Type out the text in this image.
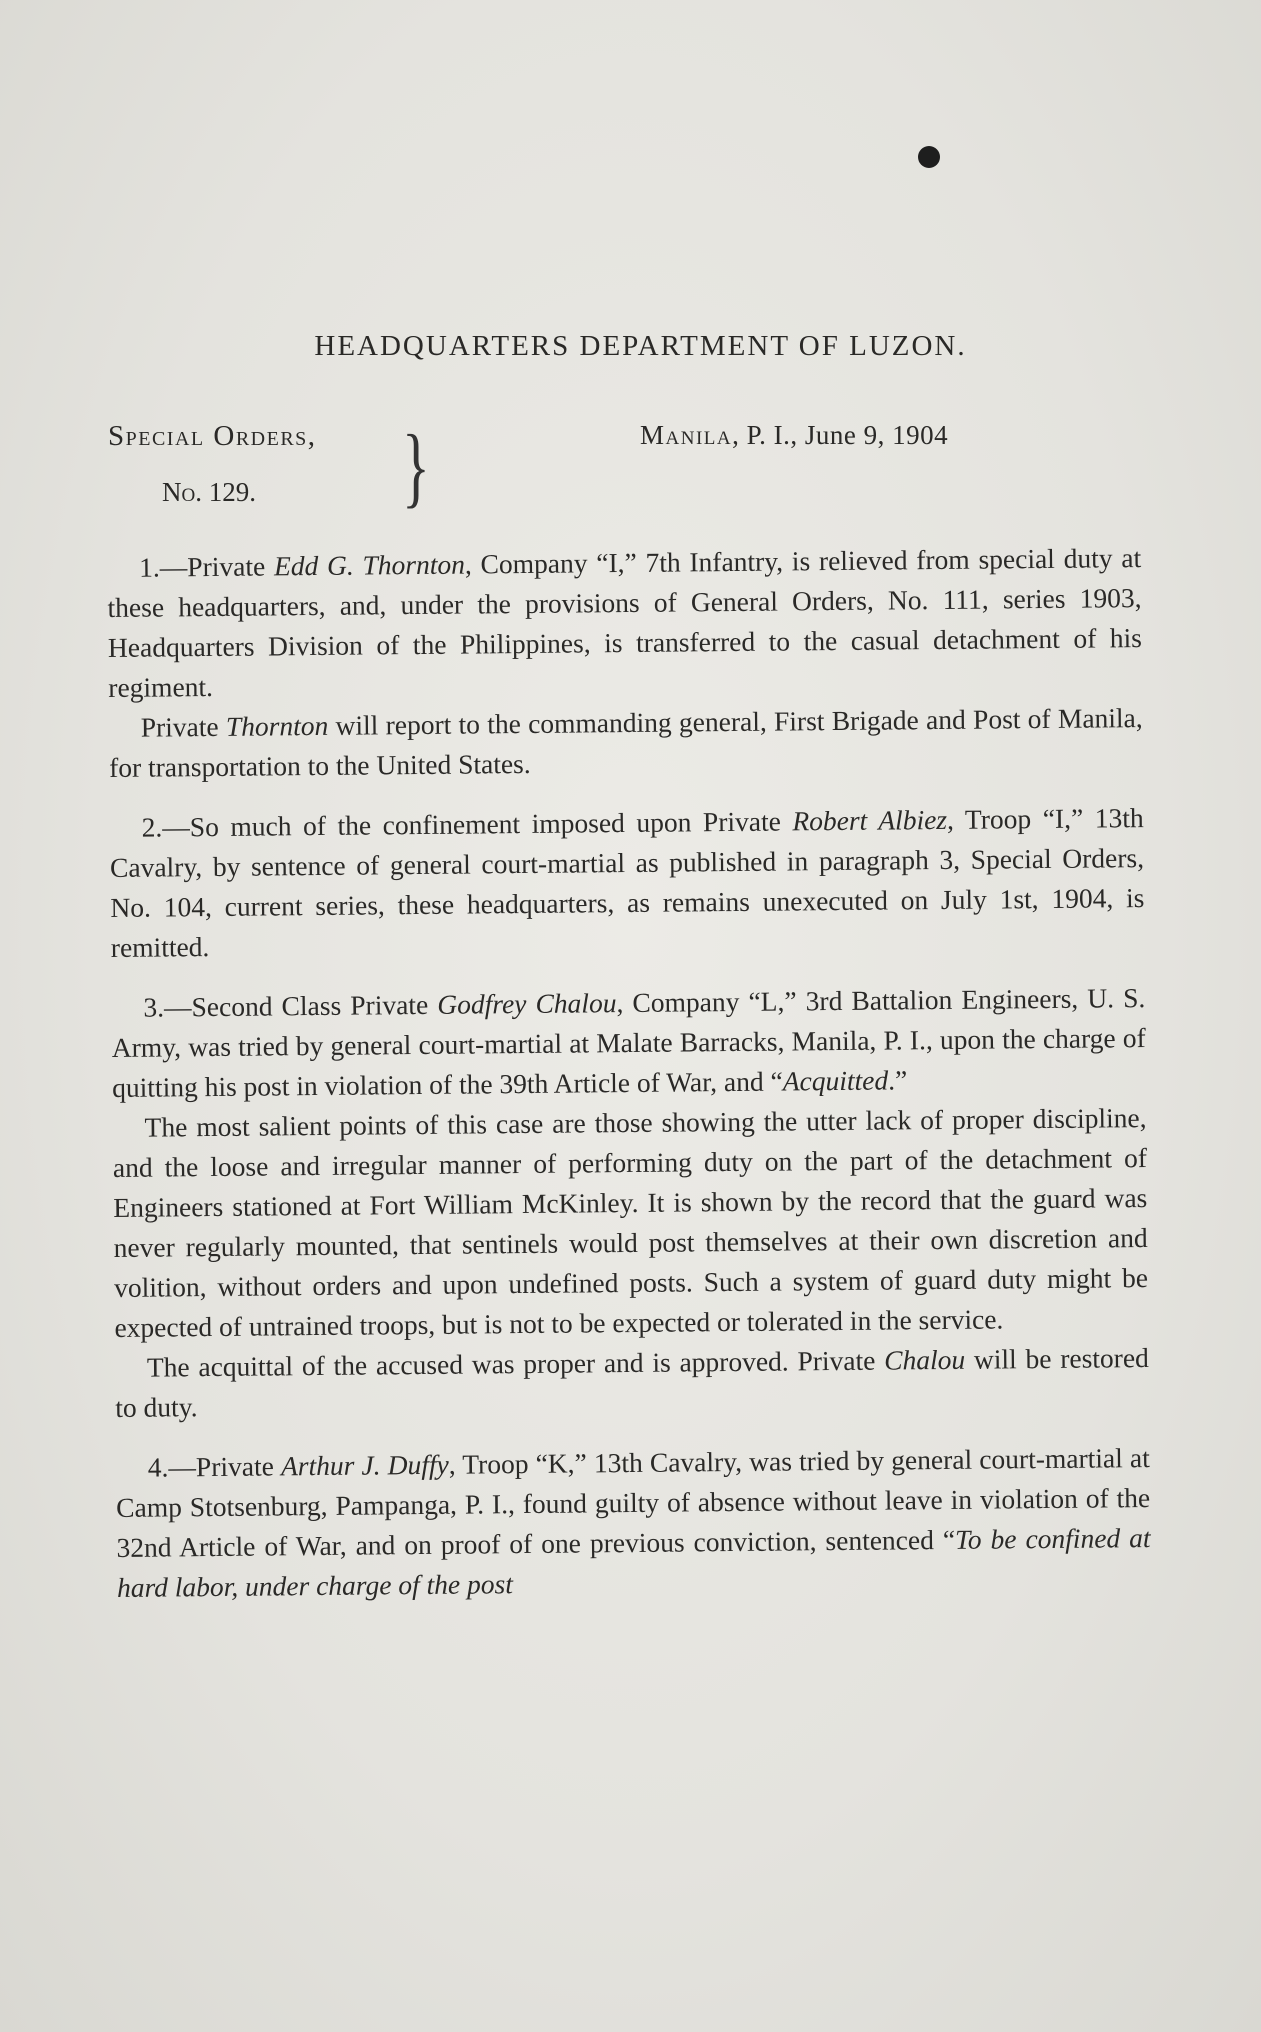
HEADQUARTERS DEPARTMENT OF LUZON.
Special Orders,
No. 129.	}	Manila, P. I., June 9, 1904

1.—Private Edd G. Thornton, Company “I,” 7th Infantry, is relieved from special duty at these headquarters, and, under the provisions of General Orders, No. 111, series 1903, Headquarters Division of the Philippines, is transferred to the casual detachment of his regiment.

Private Thornton will report to the commanding general, First Brigade and Post of Manila, for transportation to the United States.

2.—So much of the confinement imposed upon Private Robert Albiez, Troop “I,” 13th Cavalry, by sentence of general court-martial as published in paragraph 3, Special Orders, No. 104, current series, these headquarters, as remains unexecuted on July 1st, 1904, is remitted.

3.—Second Class Private Godfrey Chalou, Company “L,” 3rd Battalion Engineers, U. S. Army, was tried by general court-martial at Malate Barracks, Manila, P. I., upon the charge of quitting his post in violation of the 39th Article of War, and “Acquitted.”

The most salient points of this case are those showing the utter lack of proper discipline, and the loose and irregular manner of performing duty on the part of the detachment of Engineers stationed at Fort William McKinley. It is shown by the record that the guard was never regularly mounted, that sentinels would post themselves at their own discretion and volition, without orders and upon undefined posts. Such a system of guard duty might be expected of untrained troops, but is not to be expected or tolerated in the service.

The acquittal of the accused was proper and is approved. Private Chalou will be restored to duty.

4.—Private Arthur J. Duffy, Troop “K,” 13th Cavalry, was tried by general court-martial at Camp Stotsenburg, Pampanga, P. I., found guilty of absence without leave in violation of the 32nd Article of War, and on proof of one previous conviction, sentenced “To be confined at hard labor, under charge of the post
